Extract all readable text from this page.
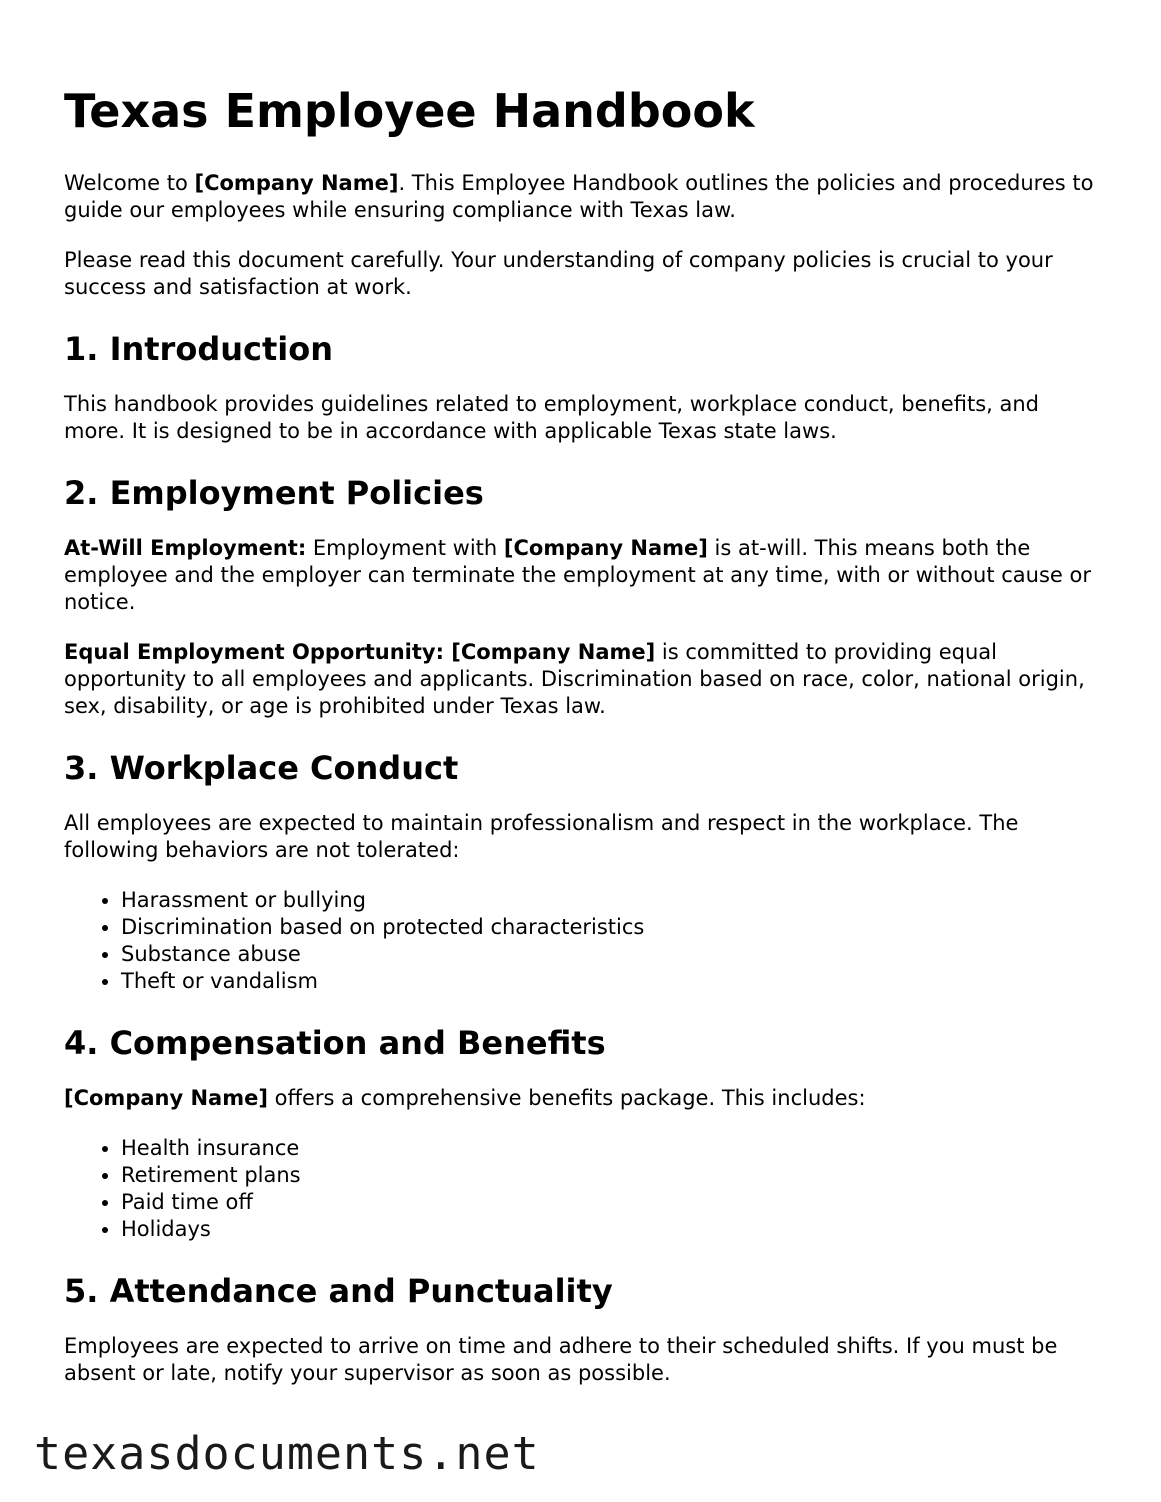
Texas Employee Handbook

Welcome to [Company Name]. This Employee Handbook outlines the policies and procedures to guide our employees while ensuring compliance with Texas law.

Please read this document carefully. Your understanding of company policies is crucial to your success and satisfaction at work.

1. Introduction

This handbook provides guidelines related to employment, workplace conduct, benefits, and more. It is designed to be in accordance with applicable Texas state laws.

2. Employment Policies

At-Will Employment: Employment with [Company Name] is at-will. This means both the employee and the employer can terminate the employment at any time, with or without cause or notice.

Equal Employment Opportunity: [Company Name] is committed to providing equal opportunity to all employees and applicants. Discrimination based on race, color, national origin, sex, disability, or age is prohibited under Texas law.

3. Workplace Conduct

All employees are expected to maintain professionalism and respect in the workplace. The following behaviors are not tolerated:

• Harassment or bullying
• Discrimination based on protected characteristics
• Substance abuse
• Theft or vandalism
4. Compensation and Benefits

[Company Name] offers a comprehensive benefits package. This includes:

• Health insurance
• Retirement plans
• Paid time off
• Holidays
5. Attendance and Punctuality

Employees are expected to arrive on time and adhere to their scheduled shifts. If you must be absent or late, notify your supervisor as soon as possible.

texasdocuments.net
